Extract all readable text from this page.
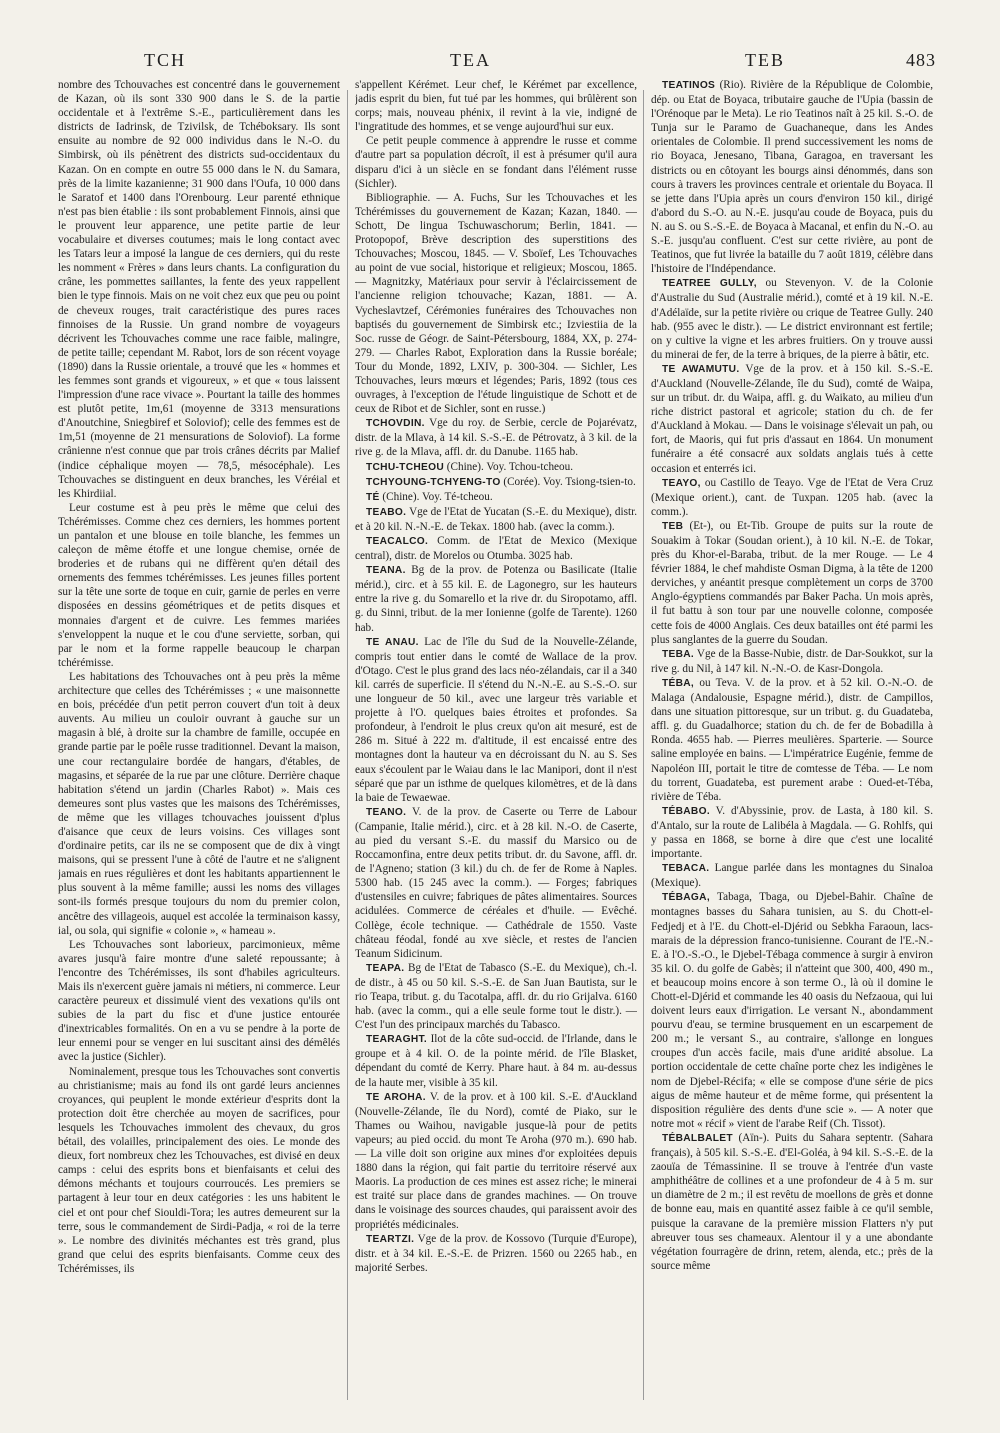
TCH	TEA	TEB	483

nombre des Tchouvaches est concentré dans le gouvernement de Kazan, où ils sont 330 900 dans le S. de la partie occidentale et à l'extrême S.-E., particulièrement dans les districts de Iadrinsk, de Tzivilsk, de Tchéboksary. Ils sont ensuite au nombre de 92 000 individus dans le N.-O. du Simbirsk, où ils pénètrent des districts sud-occidentaux du Kazan. On en compte en outre 55 000 dans le N. du Samara, près de la limite kazanienne; 31 900 dans l'Oufa, 10 000 dans le Saratof et 1400 dans l'Orenbourg. Leur parenté ethnique n'est pas bien établie : ils sont probablement Finnois, ainsi que le prouvent leur apparence, une petite partie de leur vocabulaire et diverses coutumes; mais le long contact avec les Tatars leur a imposé la langue de ces derniers, qui du reste les nomment « Frères » dans leurs chants. La configuration du crâne, les pommettes saillantes, la fente des yeux rappellent bien le type finnois. Mais on ne voit chez eux que peu ou point de cheveux rouges, trait caractéristique des pures races finnoises de la Russie. Un grand nombre de voyageurs décrivent les Tchouvaches comme une race faible, malingre, de petite taille; cependant M. Rabot, lors de son récent voyage (1890) dans la Russie orientale, a trouvé que les « hommes et les femmes sont grands et vigoureux, » et que « tous laissent l'impression d'une race vivace ». Pourtant la taille des hommes est plutôt petite, 1m,61 (moyenne de 3313 mensurations d'Anoutchine, Sniegbiref et Soloviof); celle des femmes est de 1m,51 (moyenne de 21 mensurations de Soloviof). La forme crânienne n'est connue que par trois crânes décrits par Malief (indice céphalique moyen — 78,5, mésocéphale). Les Tchouvaches se distinguent en deux branches, les Véréial et les Khirdiial.

Leur costume est à peu près le même que celui des Tchérémisses. Comme chez ces derniers, les hommes portent un pantalon et une blouse en toile blanche, les femmes un caleçon de même étoffe et une longue chemise, ornée de broderies et de rubans qui ne diffèrent qu'en détail des ornements des femmes tchérémisses. Les jeunes filles portent sur la tête une sorte de toque en cuir, garnie de perles en verre disposées en dessins géométriques et de petits disques et monnaies d'argent et de cuivre. Les femmes mariées s'enveloppent la nuque et le cou d'une serviette, sorban, qui par le nom et la forme rappelle beaucoup le charpan tchérémisse.

Les habitations des Tchouvaches ont à peu près la même architecture que celles des Tchérémisses ; « une maisonnette en bois, précédée d'un petit perron couvert d'un toit à deux auvents. Au milieu un couloir ouvrant à gauche sur un magasin à blé, à droite sur la chambre de famille, occupée en grande partie par le poêle russe traditionnel. Devant la maison, une cour rectangulaire bordée de hangars, d'étables, de magasins, et séparée de la rue par une clôture. Derrière chaque habitation s'étend un jardin (Charles Rabot) ». Mais ces demeures sont plus vastes que les maisons des Tchérémisses, de même que les villages tchouvaches jouissent d'plus d'aisance que ceux de leurs voisins. Ces villages sont d'ordinaire petits, car ils ne se composent que de dix à vingt maisons, qui se pressent l'une à côté de l'autre et ne s'alignent jamais en rues régulières et dont les habitants appartiennent le plus souvent à la même famille; aussi les noms des villages sont-ils formés presque toujours du nom du premier colon, ancêtre des villageois, auquel est accolée la terminaison kassy, ial, ou sola, qui signifie « colonie », « hameau ».

Les Tchouvaches sont laborieux, parcimonieux, même avares jusqu'à faire montre d'une saleté repoussante; à l'encontre des Tchérémisses, ils sont d'habiles agriculteurs. Mais ils n'exercent guère jamais ni métiers, ni commerce. Leur caractère peureux et dissimulé vient des vexations qu'ils ont subies de la part du fisc et d'une justice entourée d'inextricables formalités. On en a vu se pendre à la porte de leur ennemi pour se venger en lui suscitant ainsi des démêlés avec la justice (Sichler).

Nominalement, presque tous les Tchouvaches sont convertis au christianisme; mais au fond ils ont gardé leurs anciennes croyances, qui peuplent le monde extérieur d'esprits dont la protection doit être cherchée au moyen de sacrifices, pour lesquels les Tchouvaches immolent des chevaux, du gros bétail, des volailles, principalement des oies. Le monde des dieux, fort nombreux chez les Tchouvaches, est divisé en deux camps : celui des esprits bons et bienfaisants et celui des démons méchants et toujours courroucés. Les premiers se partagent à leur tour en deux catégories : les uns habitent le ciel et ont pour chef Siouldi-Tora; les autres demeurent sur la terre, sous le commandement de Sirdi-Padja, « roi de la terre ». Le nombre des divinités méchantes est très grand, plus grand que celui des esprits bienfaisants. Comme ceux des Tchérémisses, ils

s'appellent Kérémet. Leur chef, le Kérémet par excellence, jadis esprit du bien, fut tué par les hommes, qui brûlèrent son corps; mais, nouveau phénix, il revint à la vie, indigné de l'ingratitude des hommes, et se venge aujourd'hui sur eux.

Ce petit peuple commence à apprendre le russe et comme d'autre part sa population décroît, il est à présumer qu'il aura disparu d'ici à un siècle en se fondant dans l'élément russe (Sichler).

Bibliographie. — A. Fuchs, Sur les Tchouvaches et les Tchérémisses du gouvernement de Kazan; Kazan, 1840. — Schott, De lingua Tschuwaschorum; Berlin, 1841. — Protopopof, Brève description des superstitions des Tchouvaches; Moscou, 1845. — V. Sboïef, Les Tchouvaches au point de vue social, historique et religieux; Moscou, 1865. — Magnitzky, Matériaux pour servir à l'éclaircissement de l'ancienne religion tchouvache; Kazan, 1881. — A. Vycheslavtzef, Cérémonies funéraires des Tchouvaches non baptisés du gouvernement de Simbirsk etc.; Izviestiia de la Soc. russe de Géogr. de Saint-Pétersbourg, 1884, XX, p. 274-279. — Charles Rabot, Exploration dans la Russie boréale; Tour du Monde, 1892, LXIV, p. 300-304. — Sichler, Les Tchouvaches, leurs mœurs et légendes; Paris, 1892 (tous ces ouvrages, à l'exception de l'étude linguistique de Schott et de ceux de Ribot et de Sichler, sont en russe.)

TCHOVDIN. Vge du roy. de Serbie, cercle de Pojarévatz, distr. de la Mlava, à 14 kil. S.-S.-E. de Pétrovatz, à 3 kil. de la rive g. de la Mlava, affl. dr. du Danube. 1165 hab.

TCHU-TCHEOU (Chine). Voy. Tchou-tcheou.

TCHYOUNG-TCHYENG-TO (Corée). Voy. Tsiong-tsien-to.

TÉ (Chine). Voy. Té-tcheou.

TEABO. Vge de l'Etat de Yucatan (S.-E. du Mexique), distr. et à 20 kil. N.-N.-E. de Tekax. 1800 hab. (avec la comm.).

TEACALCO. Comm. de l'Etat de Mexico (Mexique central), distr. de Morelos ou Otumba. 3025 hab.

TEANA. Bg de la prov. de Potenza ou Basilicate (Italie mérid.), circ. et à 55 kil. E. de Lagonegro, sur les hauteurs entre la rive g. du Somarello et la rive dr. du Siropotamo, affl. g. du Sinni, tribut. de la mer Ionienne (golfe de Tarente). 1260 hab.

TE ANAU. Lac de l'île du Sud de la Nouvelle-Zélande, compris tout entier dans le comté de Wallace de la prov. d'Otago. C'est le plus grand des lacs néo-zélandais, car il a 340 kil. carrés de superficie. Il s'étend du N.-N.-E. au S.-S.-O. sur une longueur de 50 kil., avec une largeur très variable et projette à l'O. quelques baies étroites et profondes. Sa profondeur, à l'endroit le plus creux qu'on ait mesuré, est de 286 m. Situé à 222 m. d'altitude, il est encaissé entre des montagnes dont la hauteur va en décroissant du N. au S. Ses eaux s'écoulent par le Waiau dans le lac Manipori, dont il n'est séparé que par un isthme de quelques kilomètres, et de là dans la baie de Tewaewae.

TEANO. V. de la prov. de Caserte ou Terre de Labour (Campanie, Italie mérid.), circ. et à 28 kil. N.-O. de Caserte, au pied du versant S.-E. du massif du Marsico ou de Roccamonfina, entre deux petits tribut. dr. du Savone, affl. dr. de l'Agneno; station (3 kil.) du ch. de fer de Rome à Naples. 5300 hab. (15 245 avec la comm.). — Forges; fabriques d'ustensiles en cuivre; fabriques de pâtes alimentaires. Sources acidulées. Commerce de céréales et d'huile. — Evêché. Collège, école technique. — Cathédrale de 1550. Vaste château féodal, fondé au xve siècle, et restes de l'ancien Teanum Sidicinum.

TEAPA. Bg de l'Etat de Tabasco (S.-E. du Mexique), ch.-l. de distr., à 45 ou 50 kil. S.-S.-E. de San Juan Bautista, sur le rio Teapa, tribut. g. du Tacotalpa, affl. dr. du rio Grijalva. 6160 hab. (avec la comm., qui a elle seule forme tout le distr.). — C'est l'un des principaux marchés du Tabasco.

TEARAGHT. Ilot de la côte sud-occid. de l'Irlande, dans le groupe et à 4 kil. O. de la pointe mérid. de l'île Blasket, dépendant du comté de Kerry. Phare haut. à 84 m. au-dessus de la haute mer, visible à 35 kil.

TE AROHA. V. de la prov. et à 100 kil. S.-E. d'Auckland (Nouvelle-Zélande, île du Nord), comté de Piako, sur le Thames ou Waihou, navigable jusque-là pour de petits vapeurs; au pied occid. du mont Te Aroha (970 m.). 690 hab. — La ville doit son origine aux mines d'or exploitées depuis 1880 dans la région, qui fait partie du territoire réservé aux Maoris. La production de ces mines est assez riche; le minerai est traité sur place dans de grandes machines. — On trouve dans le voisinage des sources chaudes, qui paraissent avoir des propriétés médicinales.

TEARTZI. Vge de la prov. de Kossovo (Turquie d'Europe), distr. et à 34 kil. E.-S.-E. de Prizren. 1560 ou 2265 hab., en majorité Serbes.

TEATINOS (Rio). Rivière de la République de Colombie, dép. ou Etat de Boyaca, tributaire gauche de l'Upia (bassin de l'Orénoque par le Meta). Le rio Teatinos naît à 25 kil. S.-O. de Tunja sur le Paramo de Guachaneque, dans les Andes orientales de Colombie. Il prend successivement les noms de rio Boyaca, Jenesano, Tibana, Garagoa, en traversant les districts ou en côtoyant les bourgs ainsi dénommés, dans son cours à travers les provinces centrale et orientale du Boyaca. Il se jette dans l'Upia après un cours d'environ 150 kil., dirigé d'abord du S.-O. au N.-E. jusqu'au coude de Boyaca, puis du N. au S. ou S.-S.-E. de Boyaca à Macanal, et enfin du N.-O. au S.-E. jusqu'au confluent. C'est sur cette rivière, au pont de Teatinos, que fut livrée la bataille du 7 août 1819, célèbre dans l'histoire de l'Indépendance.

TEATREE GULLY, ou Stevenyon. V. de la Colonie d'Australie du Sud (Australie mérid.), comté et à 19 kil. N.-E. d'Adélaïde, sur la petite rivière ou crique de Teatree Gully. 240 hab. (955 avec le distr.). — Le district environnant est fertile; on y cultive la vigne et les arbres fruitiers. On y trouve aussi du minerai de fer, de la terre à briques, de la pierre à bâtir, etc.

TE AWAMUTU. Vge de la prov. et à 150 kil. S.-S.-E. d'Auckland (Nouvelle-Zélande, île du Sud), comté de Waipa, sur un tribut. dr. du Waipa, affl. g. du Waikato, au milieu d'un riche district pastoral et agricole; station du ch. de fer d'Auckland à Mokau. — Dans le voisinage s'élevait un pah, ou fort, de Maoris, qui fut pris d'assaut en 1864. Un monument funéraire a été consacré aux soldats anglais tués à cette occasion et enterrés ici.

TEAYO, ou Castillo de Teayo. Vge de l'Etat de Vera Cruz (Mexique orient.), cant. de Tuxpan. 1205 hab. (avec la comm.).

TEB (Et-), ou Et-Tib. Groupe de puits sur la route de Souakim à Tokar (Soudan orient.), à 10 kil. N.-E. de Tokar, près du Khor-el-Baraba, tribut. de la mer Rouge. — Le 4 février 1884, le chef mahdiste Osman Digma, à la tête de 1200 derviches, y anéantit presque complètement un corps de 3700 Anglo-égyptiens commandés par Baker Pacha. Un mois après, il fut battu à son tour par une nouvelle colonne, composée cette fois de 4000 Anglais. Ces deux batailles ont été parmi les plus sanglantes de la guerre du Soudan.

TEBA. Vge de la Basse-Nubie, distr. de Dar-Soukkot, sur la rive g. du Nil, à 147 kil. N.-N.-O. de Kasr-Dongola.

TÉBA, ou Teva. V. de la prov. et à 52 kil. O.-N.-O. de Malaga (Andalousie, Espagne mérid.), distr. de Campillos, dans une situation pittoresque, sur un tribut. g. du Guadateba, affl. g. du Guadalhorce; station du ch. de fer de Bobadilla à Ronda. 4655 hab. — Pierres meulières. Sparterie. — Source saline employée en bains. — L'impératrice Eugénie, femme de Napoléon III, portait le titre de comtesse de Téba. — Le nom du torrent, Guadateba, est purement arabe : Oued-et-Téba, rivière de Téba.

TÉBABO. V. d'Abyssinie, prov. de Lasta, à 180 kil. S. d'Antalo, sur la route de Lalibéla à Magdala. — G. Rohlfs, qui y passa en 1868, se borne à dire que c'est une localité importante.

TEBACA. Langue parlée dans les montagnes du Sinaloa (Mexique).

TÉBAGA, Tabaga, Tbaga, ou Djebel-Bahir. Chaîne de montagnes basses du Sahara tunisien, au S. du Chott-el-Fedjedj et à l'E. du Chott-el-Djérid ou Sebkha Faraoun, lacs-marais de la dépression franco-tunisienne. Courant de l'E.-N.-E. à l'O.-S.-O., le Djebel-Tébaga commence à surgir à environ 35 kil. O. du golfe de Gabès; il n'atteint que 300, 400, 490 m., et beaucoup moins encore à son terme O., là où il domine le Chott-el-Djérid et commande les 40 oasis du Nefzaoua, qui lui doivent leurs eaux d'irrigation. Le versant N., abondamment pourvu d'eau, se termine brusquement en un escarpement de 200 m.; le versant S., au contraire, s'allonge en longues croupes d'un accès facile, mais d'une aridité absolue. La portion occidentale de cette chaîne porte chez les indigènes le nom de Djebel-Récifa; « elle se compose d'une série de pics aigus de même hauteur et de même forme, qui présentent la disposition régulière des dents d'une scie ». — A noter que notre mot « récif » vient de l'arabe Reif (Ch. Tissot).

TÉBALBALET (Aïn-). Puits du Sahara septentr. (Sahara français), à 505 kil. S.-S.-E. d'El-Goléa, à 94 kil. S.-S.-E. de la zaouïa de Témassinine. Il se trouve à l'entrée d'un vaste amphithéâtre de collines et a une profondeur de 4 à 5 m. sur un diamètre de 2 m.; il est revêtu de moellons de grès et donne de bonne eau, mais en quantité assez faible à ce qu'il semble, puisque la caravane de la première mission Flatters n'y put abreuver tous ses chameaux. Alentour il y a une abondante végétation fourragère de drinn, retem, alenda, etc.; près de la source même
